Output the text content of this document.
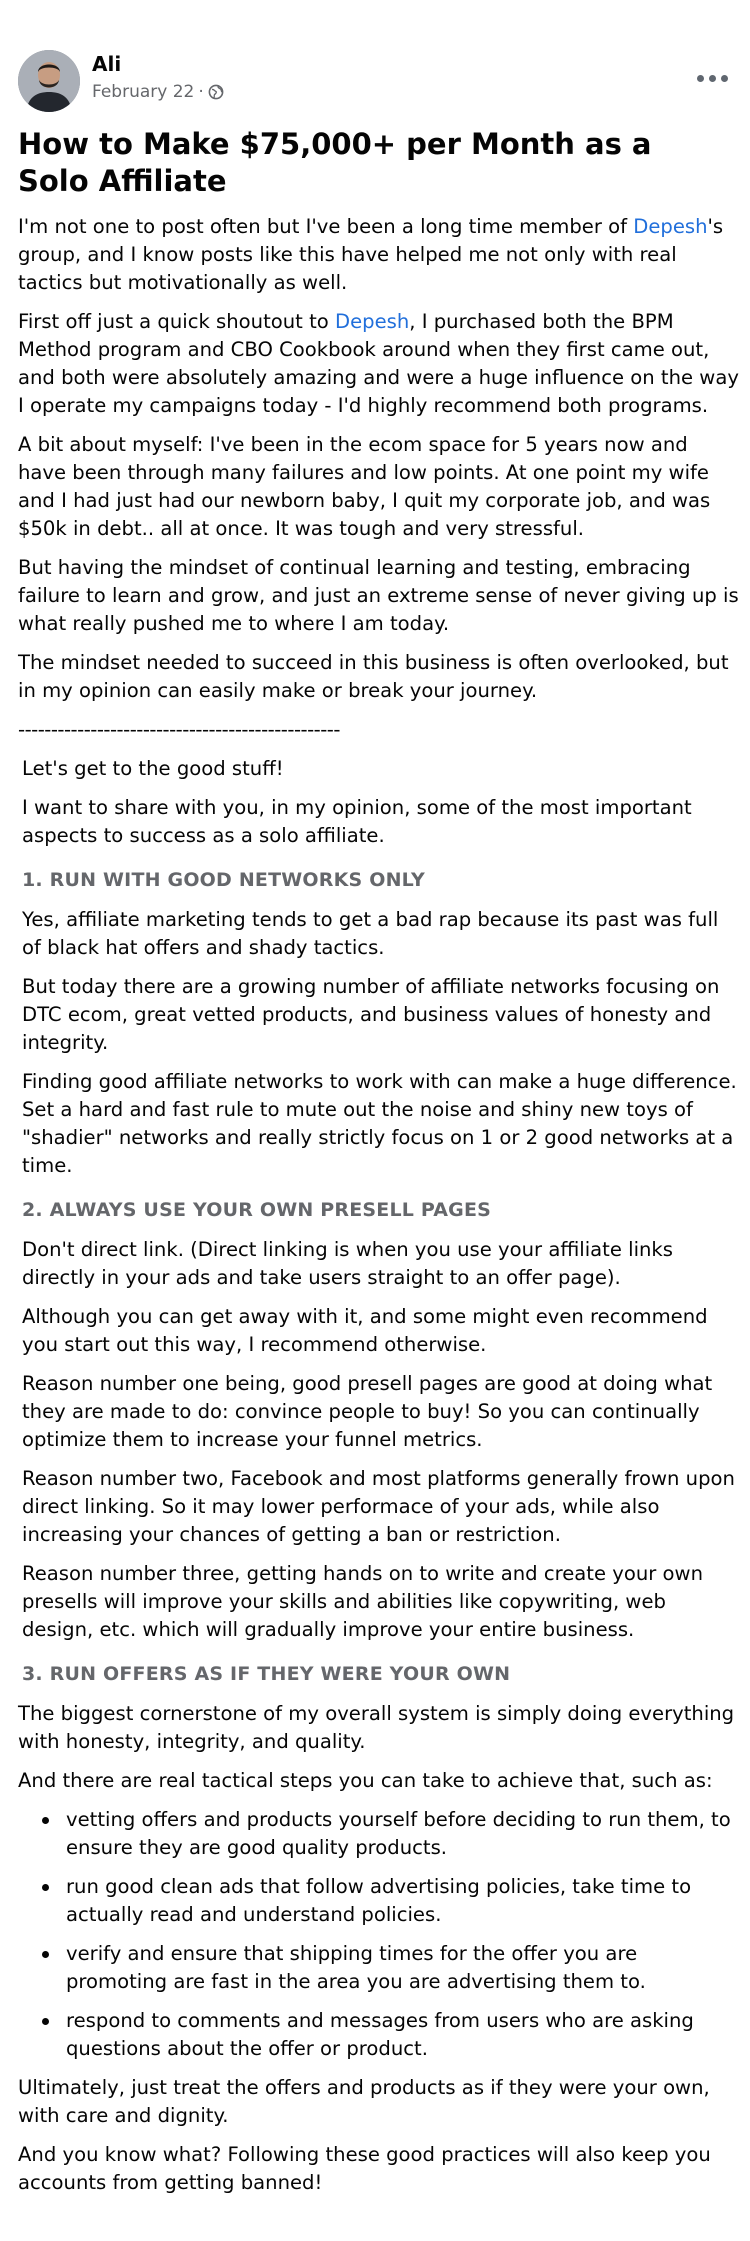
Ali
February 22 ·
How to Make $75,000+ per Month as a Solo Affiliate

I'm not one to post often but I've been a long time member of Depesh's group, and I know posts like this have helped me not only with real tactics but motivationally as well.

First off just a quick shoutout to Depesh, I purchased both the BPM Method program and CBO Cookbook around when they first came out, and both were absolutely amazing and were a huge influence on the way I operate my campaigns today - I'd highly recommend both programs.

A bit about myself: I've been in the ecom space for 5 years now and have been through many failures and low points. At one point my wife and I had just had our newborn baby, I quit my corporate job, and was $50k in debt.. all at once. It was tough and very stressful.

But having the mindset of continual learning and testing, embracing failure to learn and grow, and just an extreme sense of never giving up is what really pushed me to where I am today.

The mindset needed to succeed in this business is often overlooked, but in my opinion can easily make or break your journey.

-------------------------------------------------

Let's get to the good stuff!

I want to share with you, in my opinion, some of the most important aspects to success as a solo affiliate.

1. RUN WITH GOOD NETWORKS ONLY

Yes, affiliate marketing tends to get a bad rap because its past was full of black hat offers and shady tactics.

But today there are a growing number of affiliate networks focusing on DTC ecom, great vetted products, and business values of honesty and integrity.

Finding good affiliate networks to work with can make a huge difference. Set a hard and fast rule to mute out the noise and shiny new toys of "shadier" networks and really strictly focus on 1 or 2 good networks at a time.

2. ALWAYS USE YOUR OWN PRESELL PAGES

Don't direct link. (Direct linking is when you use your affiliate links directly in your ads and take users straight to an offer page).

Although you can get away with it, and some might even recommend you start out this way, I recommend otherwise.

Reason number one being, good presell pages are good at doing what they are made to do: convince people to buy! So you can continually optimize them to increase your funnel metrics.

Reason number two, Facebook and most platforms generally frown upon direct linking. So it may lower performace of your ads, while also increasing your chances of getting a ban or restriction.

Reason number three, getting hands on to write and create your own presells will improve your skills and abilities like copywriting, web design, etc. which will gradually improve your entire business.

3. RUN OFFERS AS IF THEY WERE YOUR OWN

The biggest cornerstone of my overall system is simply doing everything with honesty, integrity, and quality.

And there are real tactical steps you can take to achieve that, such as:

vetting offers and products yourself before deciding to run them, to ensure they are good quality products.
run good clean ads that follow advertising policies, take time to actually read and understand policies.
verify and ensure that shipping times for the offer you are promoting are fast in the area you are advertising them to.
respond to comments and messages from users who are asking questions about the offer or product.

Ultimately, just treat the offers and products as if they were your own, with care and dignity.

And you know what? Following these good practices will also keep you accounts from getting banned!
